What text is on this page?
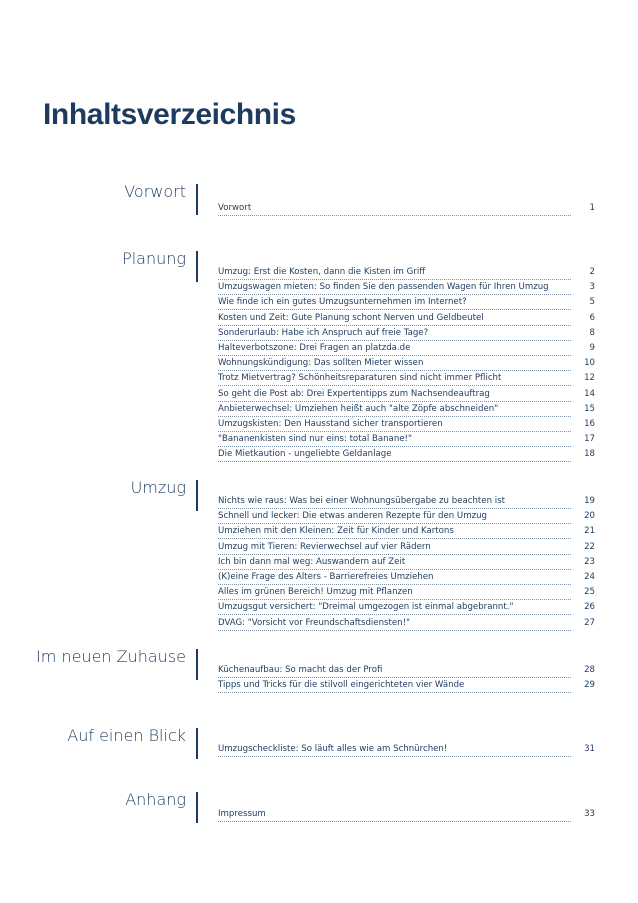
Inhaltsverzeichnis
Vorwort
Vorwort	1
Planung
Umzug: Erst die Kosten, dann die Kisten im Griff	2
Umzugswagen mieten: So finden Sie den passenden Wagen für Ihren Umzug	3
Wie finde ich ein gutes Umzugsunternehmen im Internet?	5
Kosten und Zeit: Gute Planung schont Nerven und Geldbeutel	6
Sonderurlaub: Habe ich Anspruch auf freie Tage?	8
Halteverbotszone: Drei Fragen an platzda.de	9
Wohnungskündigung: Das sollten Mieter wissen	10
Trotz Mietvertrag? Schönheitsreparaturen sind nicht immer Pflicht	12
So geht die Post ab: Drei Expertentipps zum Nachsendeauftrag	14
Anbieterwechsel: Umziehen heißt auch "alte Zöpfe abschneiden"	15
Umzugskisten: Den Hausstand sicher transportieren	16
"Bananenkisten sind nur eins: total Banane!"	17
Die Mietkaution - ungeliebte Geldanlage	18
Umzug
Nichts wie raus: Was bei einer Wohnungsübergabe zu beachten ist	19
Schnell und lecker: Die etwas anderen Rezepte für den Umzug	20
Umziehen mit den Kleinen: Zeit für Kinder und Kartons	21
Umzug mit Tieren: Revierwechsel auf vier Rädern	22
Ich bin dann mal weg: Auswandern auf Zeit	23
(K)eine Frage des Alters - Barrierefreies Umziehen	24
Alles im grünen Bereich! Umzug mit Pflanzen	25
Umzugsgut versichert: "Dreimal umgezogen ist einmal abgebrannt."	26
DVAG: "Vorsicht vor Freundschaftsdiensten!"	27
Im neuen Zuhause
Küchenaufbau: So macht das der Profi	28
Tipps und Tricks für die stilvoll eingerichteten vier Wände	29
Auf einen Blick
Umzugscheckliste: So läuft alles wie am Schnürchen!	31
Anhang
Impressum	33
